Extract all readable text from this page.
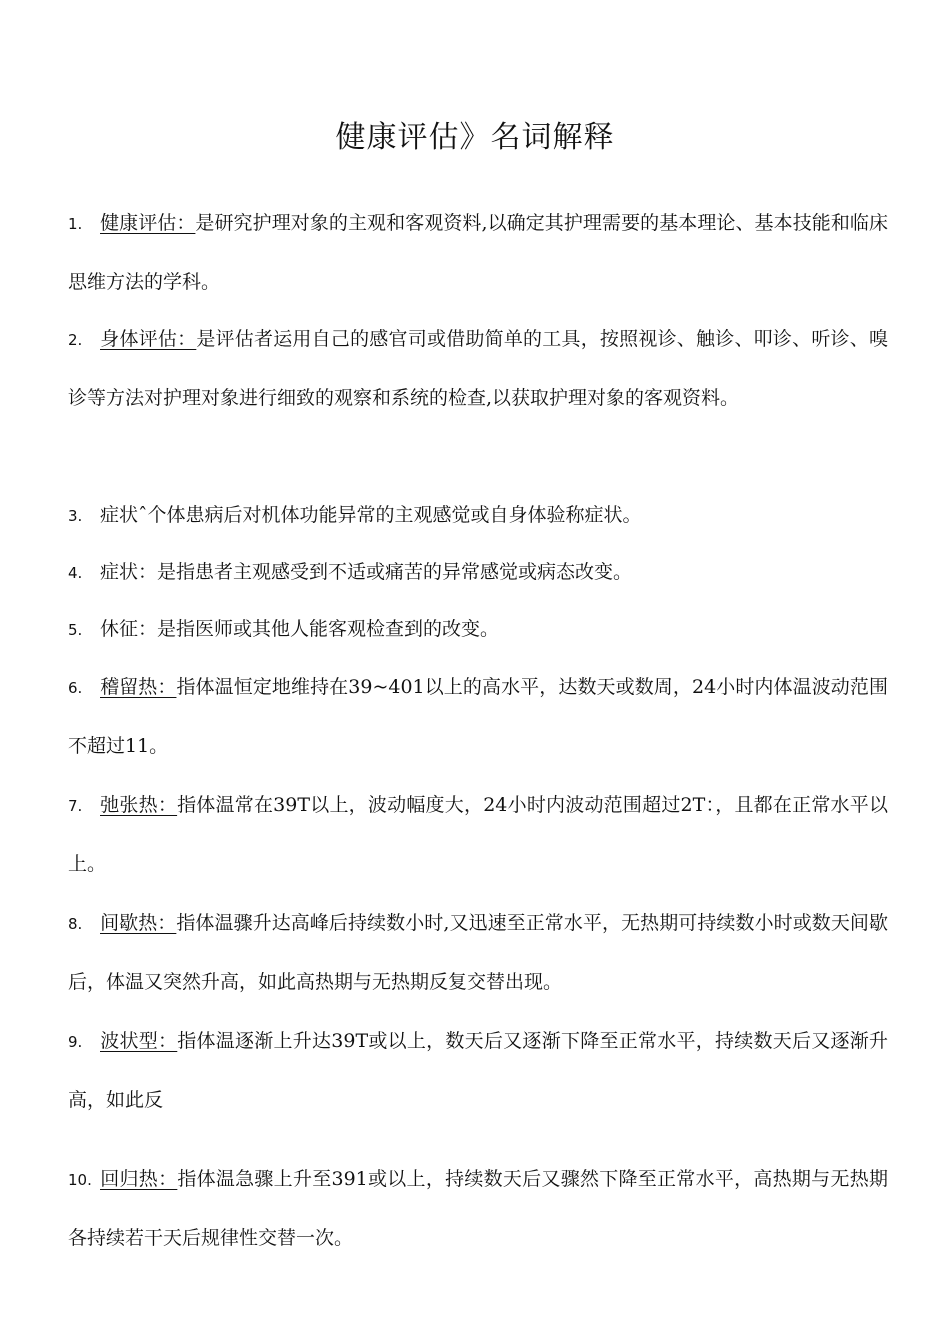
健康评估》名词解释

1. 健康评估：是研究护理对象的主观和客观资料,以确定其护理需要的基本理论、基本技能和临床思维方法的学科。

2. 身体评估：是评估者运用自己的感官司或借助简单的工具，按照视诊、触诊、叩诊、听诊、嗅诊等方法对护理对象进行细致的观察和系统的检查,以获取护理对象的客观资料。

3. 症状ˆ个体患病后对机体功能异常的主观感觉或自身体验称症状。

4. 症状：是指患者主观感受到不适或痛苦的异常感觉或病态改变。

5. 休征：是指医师或其他人能客观检查到的改变。

6. 稽留热：指体温恒定地维持在39~401以上的高水平，达数天或数周，24小时内体温波动范围不超过11。

7. 弛张热：指体温常在39T以上，波动幅度大，24小时内波动范围超过2T：，且都在正常水平以上。

8. 间歇热：指体温骤升达高峰后持续数小时,又迅速至正常水平，无热期可持续数小时或数天间歇后，体温又突然升高，如此高热期与无热期反复交替出现。

9. 波状型：指体温逐渐上升达39T或以上，数天后又逐渐下降至正常水平，持续数天后又逐渐升高，如此反

10. 回归热：指体温急骤上升至391或以上，持续数天后又骤然下降至正常水平，高热期与无热期各持续若干天后规律性交替一次。
